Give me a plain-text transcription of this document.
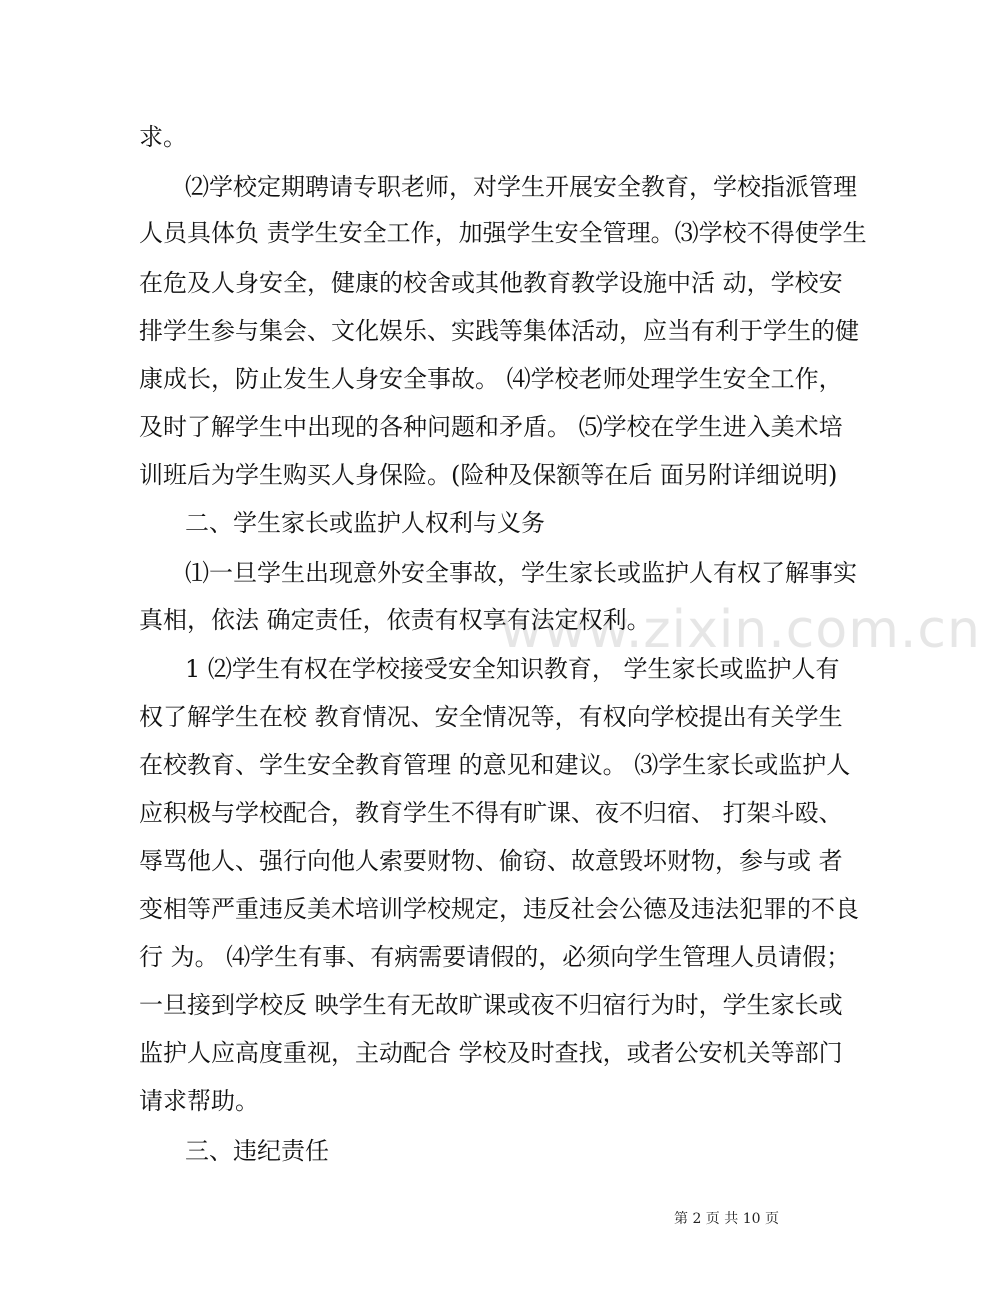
www.zixin.com.cn
求。
⑵学校定期聘请专职老师，对学生开展安全教育，学校指派管理
人员具体负 责学生安全工作，加强学生安全管理。⑶学校不得使学生
在危及人身安全，健康的校舍或其他教育教学设施中活 动，学校安
排学生参与集会、文化娱乐、实践等集体活动，应当有利于学生的健
康成长，防止发生人身安全事故。 ⑷学校老师处理学生安全工作，
及时了解学生中出现的各种问题和矛盾。 ⑸学校在学生进入美术培
训班后为学生购买人身保险。(险种及保额等在后 面另附详细说明)
二、学生家长或监护人权利与义务
⑴一旦学生出现意外安全事故，学生家长或监护人有权了解事实
真相，依法 确定责任，依责有权享有法定权利。
1 ⑵学生有权在学校接受安全知识教育， 学生家长或监护人有
权了解学生在校 教育情况、安全情况等，有权向学校提出有关学生
在校教育、学生安全教育管理 的意见和建议。 ⑶学生家长或监护人
应积极与学校配合，教育学生不得有旷课、夜不归宿、 打架斗殴、
辱骂他人、强行向他人索要财物、偷窃、故意毁坏财物，参与或 者
变相等严重违反美术培训学校规定，违反社会公德及违法犯罪的不良
行 为。 ⑷学生有事、有病需要请假的，必须向学生管理人员请假；
一旦接到学校反 映学生有无故旷课或夜不归宿行为时，学生家长或
监护人应高度重视，主动配合 学校及时查找，或者公安机关等部门
请求帮助。
三、违纪责任
第 2 页 共 10 页
